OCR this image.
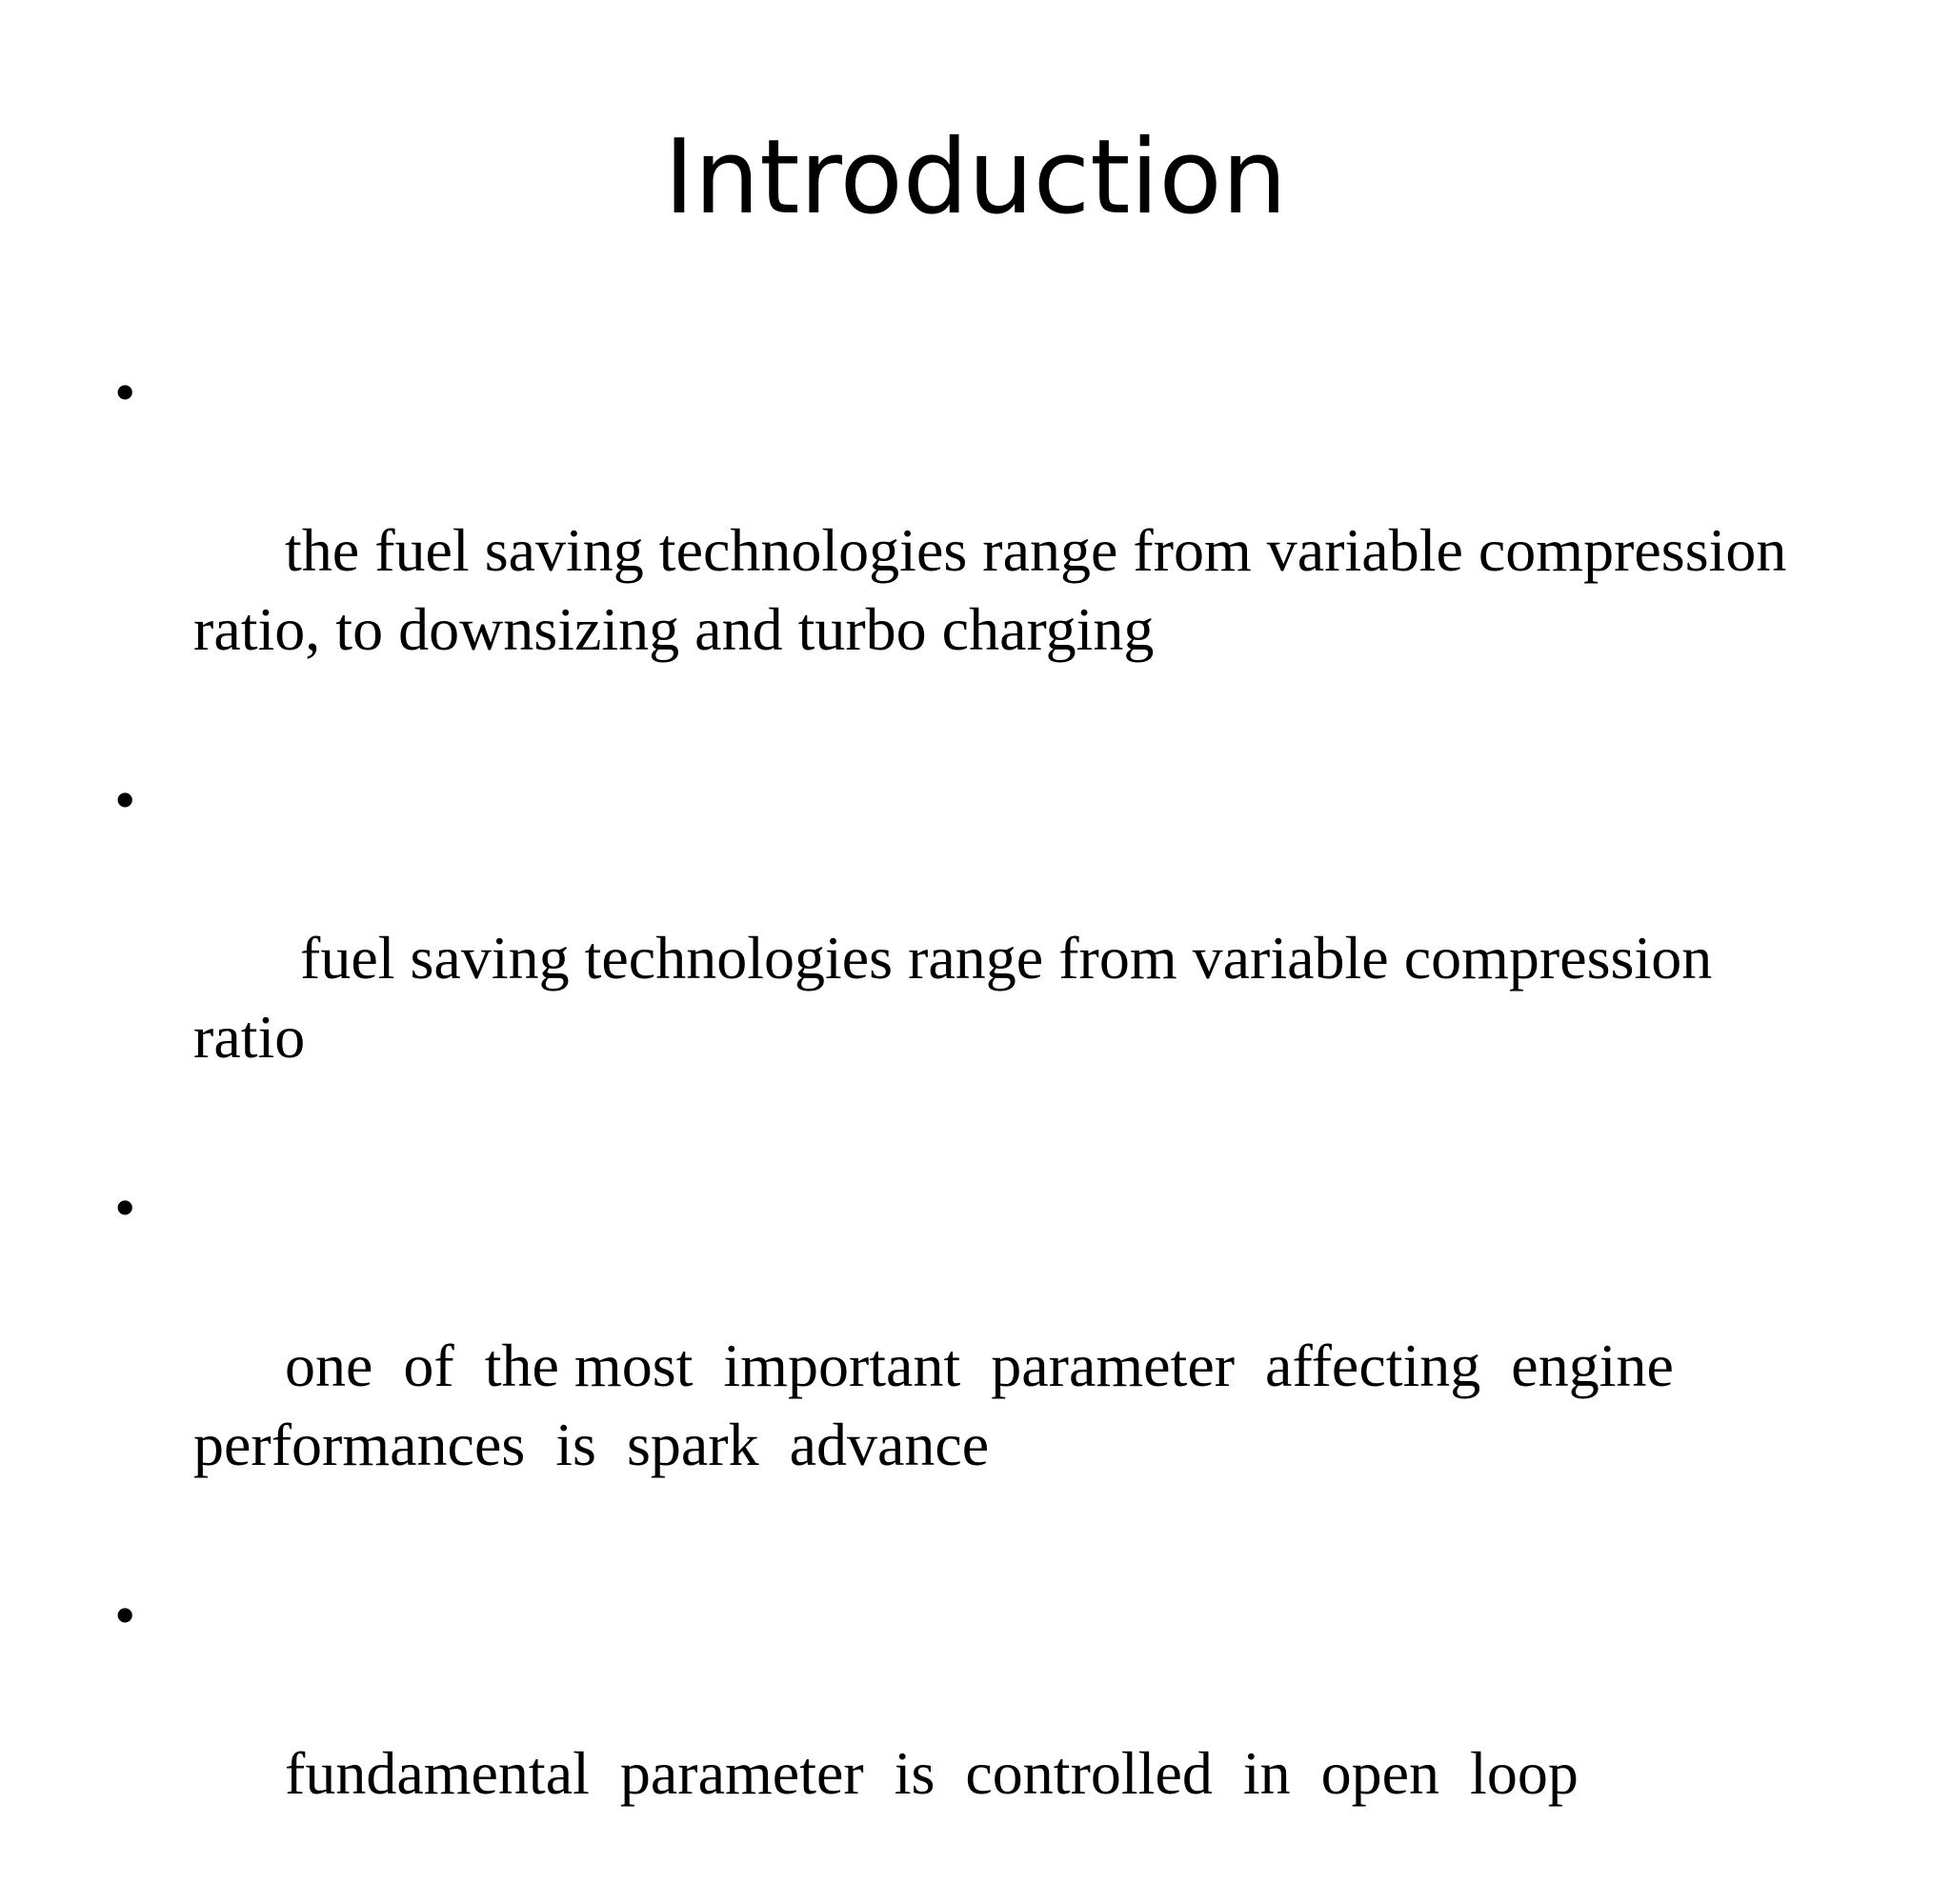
Introduction

•

the fuel saving technologies range from variable compression
ratio, to downsizing and turbo charging

•

fuel saving technologies range from variable compression
ratio

•

one  of  the most  important  parameter  affecting  engine
performances  is  spark  advance

•

fundamental  parameter  is  controlled  in  open  loop
